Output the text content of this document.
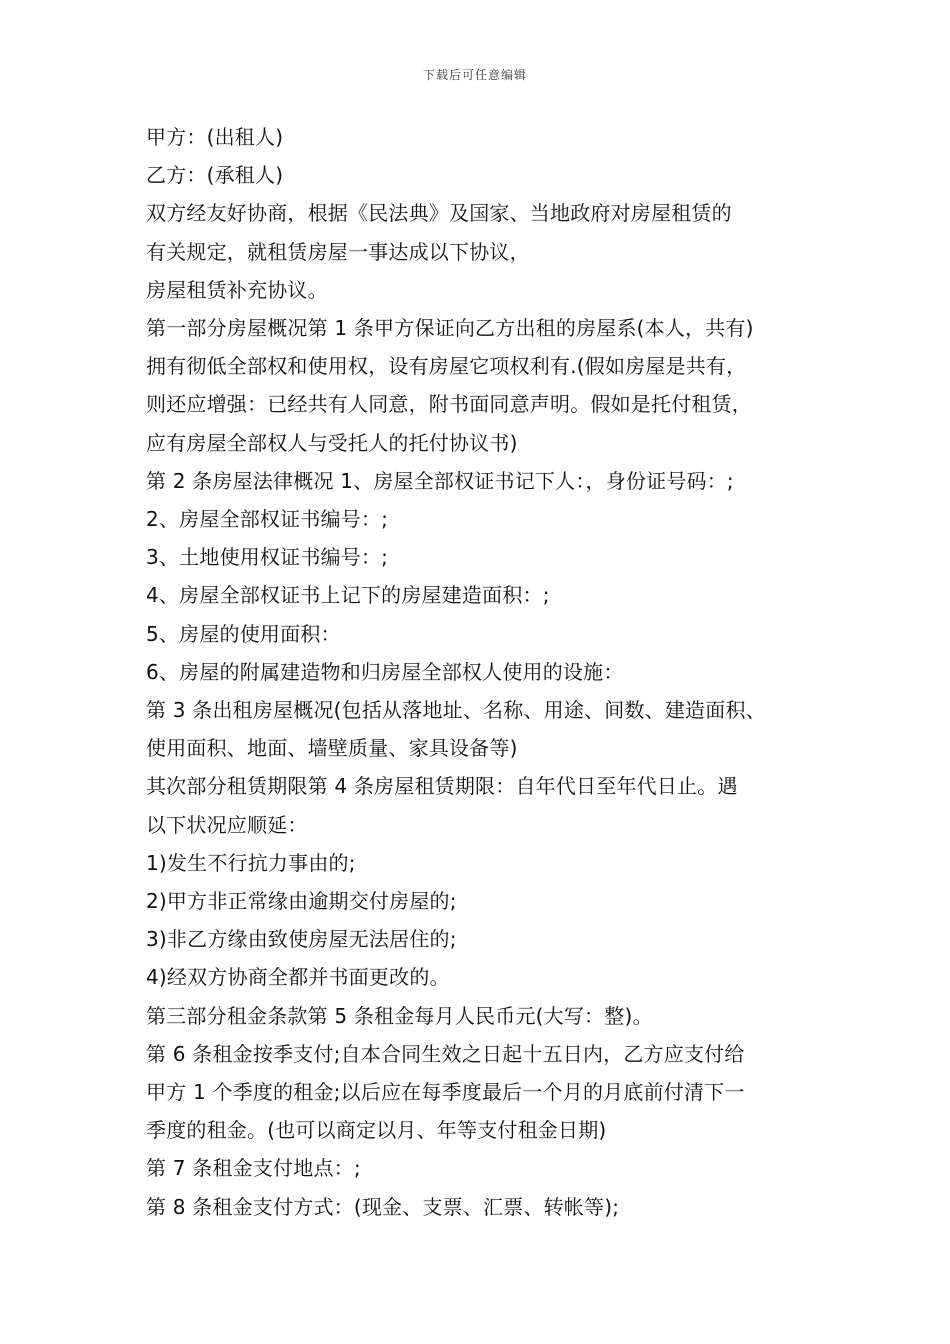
下载后可任意编辑
甲方：(出租人)
乙方：(承租人)
双方经友好协商，根据《民法典》及国家、当地政府对房屋租赁的
有关规定，就租赁房屋一事达成以下协议，
房屋租赁补充协议。
第一部分房屋概况第 1 条甲方保证向乙方出租的房屋系(本人，共有)
拥有彻低全部权和使用权，设有房屋它项权利有.(假如房屋是共有，
则还应增强：已经共有人同意，附书面同意声明。假如是托付租赁，
应有房屋全部权人与受托人的托付协议书)
第 2 条房屋法律概况 1、房屋全部权证书记下人：，身份证号码：;
2、房屋全部权证书编号：;
3、土地使用权证书编号：;
4、房屋全部权证书上记下的房屋建造面积：;
5、房屋的使用面积：
6、房屋的附属建造物和归房屋全部权人使用的设施：
第 3 条出租房屋概况(包括从落地址、名称、用途、间数、建造面积、
使用面积、地面、墙壁质量、家具设备等)
其次部分租赁期限第 4 条房屋租赁期限：自年代日至年代日止。遇
以下状况应顺延：
1)发生不行抗力事由的;
2)甲方非正常缘由逾期交付房屋的;
3)非乙方缘由致使房屋无法居住的;
4)经双方协商全都并书面更改的。
第三部分租金条款第 5 条租金每月人民币元(大写：整)。
第 6 条租金按季支付;自本合同生效之日起十五日内，乙方应支付给
甲方 1 个季度的租金;以后应在每季度最后一个月的月底前付清下一
季度的租金。(也可以商定以月、年等支付租金日期)
第 7 条租金支付地点：;
第 8 条租金支付方式：(现金、支票、汇票、转帐等);
